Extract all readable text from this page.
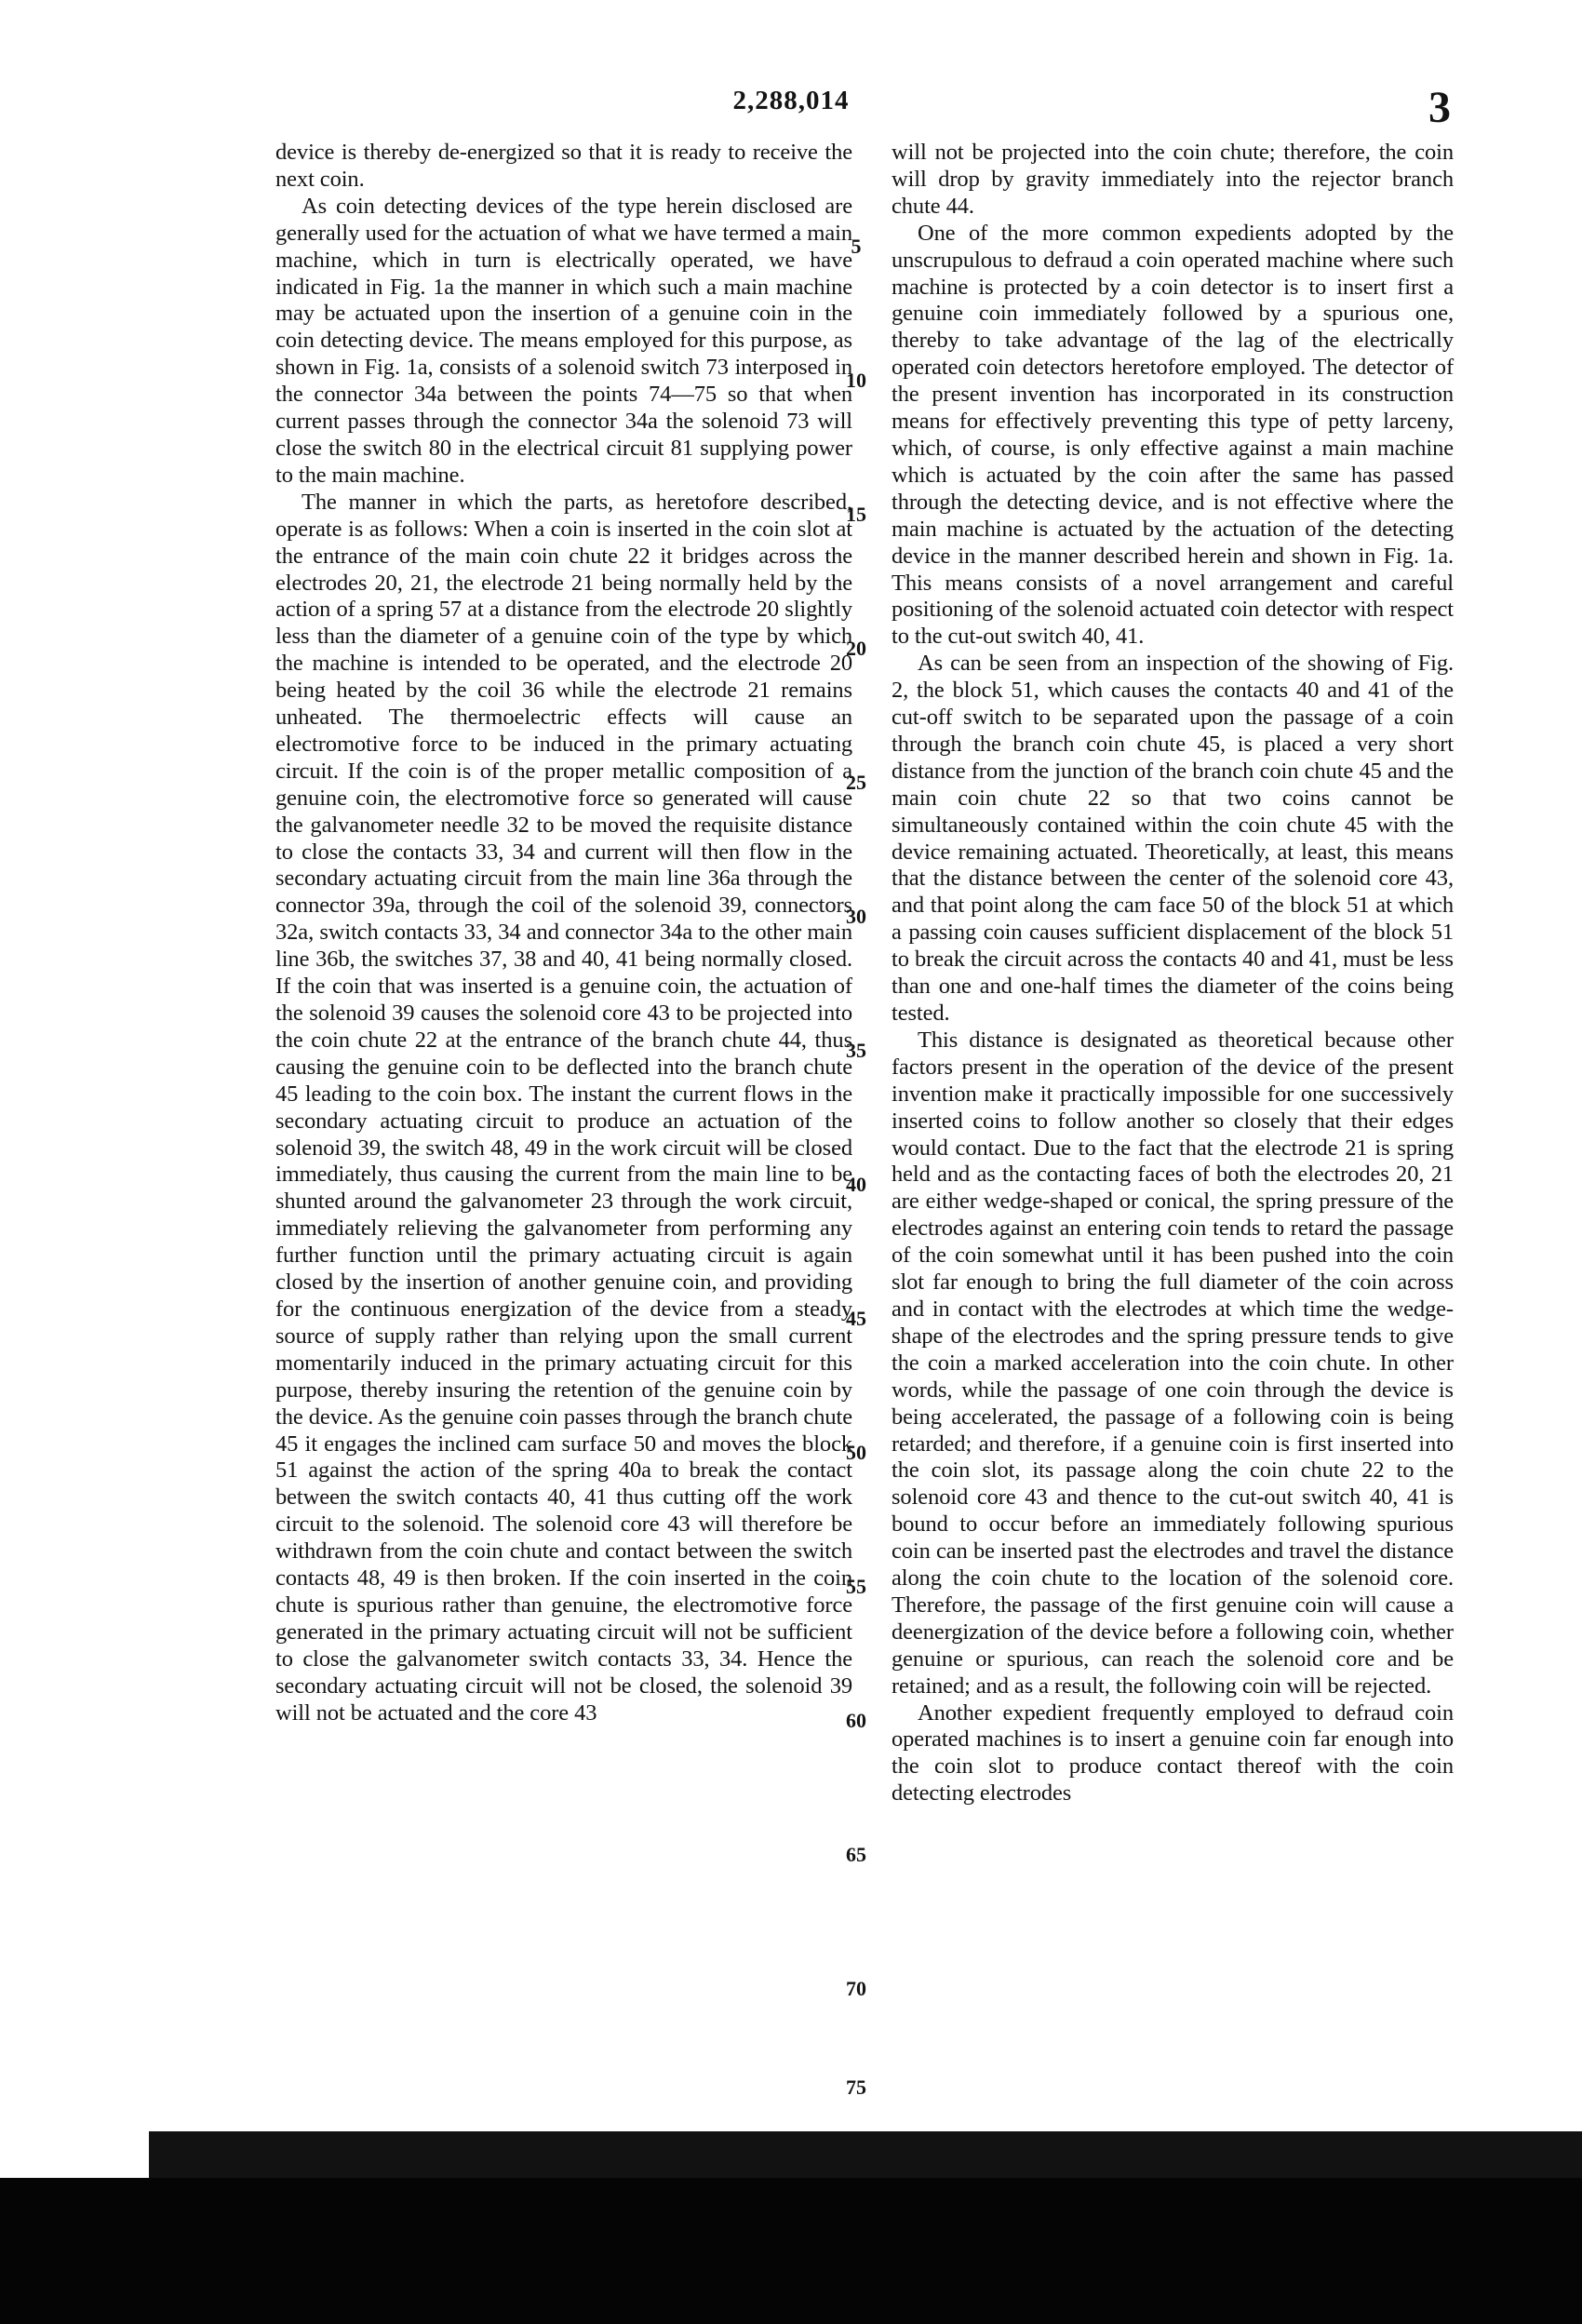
2,288,014	3

device is thereby de-energized so that it is ready to receive the next coin.

As coin detecting devices of the type herein disclosed are generally used for the actuation of what we have termed a main machine, which in turn is electrically operated, we have indicated in Fig. 1a the manner in which such a main machine may be actuated upon the insertion of a genuine coin in the coin detecting device. The means employed for this purpose, as shown in Fig. 1a, consists of a solenoid switch 73 interposed in the connector 34a between the points 74—75 so that when current passes through the connector 34a the solenoid 73 will close the switch 80 in the electrical circuit 81 supplying power to the main machine.

The manner in which the parts, as heretofore described, operate is as follows: When a coin is inserted in the coin slot at the entrance of the main coin chute 22 it bridges across the electrodes 20, 21, the electrode 21 being normally held by the action of a spring 57 at a distance from the electrode 20 slightly less than the diameter of a genuine coin of the type by which the machine is intended to be operated, and the electrode 20 being heated by the coil 36 while the electrode 21 remains unheated. The thermoelectric effects will cause an electromotive force to be induced in the primary actuating circuit. If the coin is of the proper metallic composition of a genuine coin, the electromotive force so generated will cause the galvanometer needle 32 to be moved the requisite distance to close the contacts 33, 34 and current will then flow in the secondary actuating circuit from the main line 36a through the connector 39a, through the coil of the solenoid 39, connectors 32a, switch contacts 33, 34 and connector 34a to the other main line 36b, the switches 37, 38 and 40, 41 being normally closed. If the coin that was inserted is a genuine coin, the actuation of the solenoid 39 causes the solenoid core 43 to be projected into the coin chute 22 at the entrance of the branch chute 44, thus causing the genuine coin to be deflected into the branch chute 45 leading to the coin box. The instant the current flows in the secondary actuating circuit to produce an actuation of the solenoid 39, the switch 48, 49 in the work circuit will be closed immediately, thus causing the current from the main line to be shunted around the galvanometer 23 through the work circuit, immediately relieving the galvanometer from performing any further function until the primary actuating circuit is again closed by the insertion of another genuine coin, and providing for the continuous energization of the device from a steady source of supply rather than relying upon the small current momentarily induced in the primary actuating circuit for this purpose, thereby insuring the retention of the genuine coin by the device. As the genuine coin passes through the branch chute 45 it engages the inclined cam surface 50 and moves the block 51 against the action of the spring 40a to break the contact between the switch contacts 40, 41 thus cutting off the work circuit to the solenoid. The solenoid core 43 will therefore be withdrawn from the coin chute and contact between the switch contacts 48, 49 is then broken. If the coin inserted in the coin chute is spurious rather than genuine, the electromotive force generated in the primary actuating circuit will not be sufficient to close the galvanometer switch contacts 33, 34. Hence the secondary actuating circuit will not be closed, the solenoid 39 will not be actuated and the core 43

5
10
15
20
25
30
35
40
45
50
55
60
65
70
75

will not be projected into the coin chute; therefore, the coin will drop by gravity immediately into the rejector branch chute 44.

One of the more common expedients adopted by the unscrupulous to defraud a coin operated machine where such machine is protected by a coin detector is to insert first a genuine coin immediately followed by a spurious one, thereby to take advantage of the lag of the electrically operated coin detectors heretofore employed. The detector of the present invention has incorporated in its construction means for effectively preventing this type of petty larceny, which, of course, is only effective against a main machine which is actuated by the coin after the same has passed through the detecting device, and is not effective where the main machine is actuated by the actuation of the detecting device in the manner described herein and shown in Fig. 1a. This means consists of a novel arrangement and careful positioning of the solenoid actuated coin detector with respect to the cut-out switch 40, 41.

As can be seen from an inspection of the showing of Fig. 2, the block 51, which causes the contacts 40 and 41 of the cut-off switch to be separated upon the passage of a coin through the branch coin chute 45, is placed a very short distance from the junction of the branch coin chute 45 and the main coin chute 22 so that two coins cannot be simultaneously contained within the coin chute 45 with the device remaining actuated. Theoretically, at least, this means that the distance between the center of the solenoid core 43, and that point along the cam face 50 of the block 51 at which a passing coin causes sufficient displacement of the block 51 to break the circuit across the contacts 40 and 41, must be less than one and one-half times the diameter of the coins being tested.

This distance is designated as theoretical because other factors present in the operation of the device of the present invention make it practically impossible for one successively inserted coins to follow another so closely that their edges would contact. Due to the fact that the electrode 21 is spring held and as the contacting faces of both the electrodes 20, 21 are either wedge-shaped or conical, the spring pressure of the electrodes against an entering coin tends to retard the passage of the coin somewhat until it has been pushed into the coin slot far enough to bring the full diameter of the coin across and in contact with the electrodes at which time the wedge-shape of the electrodes and the spring pressure tends to give the coin a marked acceleration into the coin chute. In other words, while the passage of one coin through the device is being accelerated, the passage of a following coin is being retarded; and therefore, if a genuine coin is first inserted into the coin slot, its passage along the coin chute 22 to the solenoid core 43 and thence to the cut-out switch 40, 41 is bound to occur before an immediately following spurious coin can be inserted past the electrodes and travel the distance along the coin chute to the location of the solenoid core. Therefore, the passage of the first genuine coin will cause a deenergization of the device before a following coin, whether genuine or spurious, can reach the solenoid core and be retained; and as a result, the following coin will be rejected.

Another expedient frequently employed to defraud coin operated machines is to insert a genuine coin far enough into the coin slot to produce contact thereof with the coin detecting electrodes
